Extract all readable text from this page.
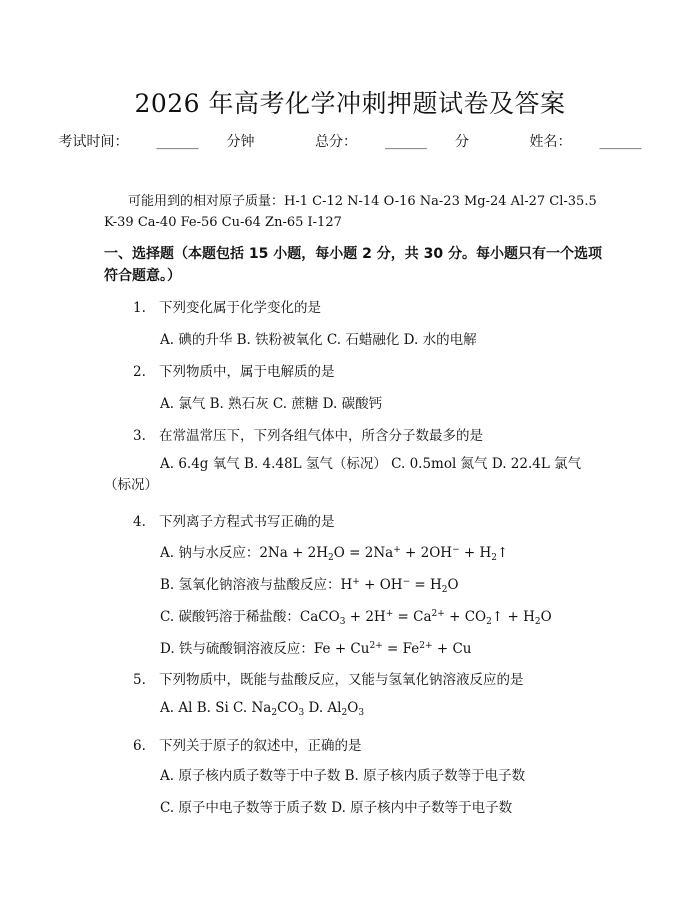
2026 年高考化学冲刺押题试卷及答案
考试时间： ______ 分钟	总分： ______ 分	姓名： ______
可能用到的相对原子质量：H-1 C-12 N-14 O-16 Na-23 Mg-24 Al-27 Cl-35.5 K-39 Ca-40 Fe-56 Cu-64 Zn-65 I-127
一、选择题（本题包括 15 小题，每小题 2 分，共 30 分。每小题只有一个选项符合题意。）
1. 下列变化属于化学变化的是
A. 碘的升华 B. 铁粉被氧化 C. 石蜡融化 D. 水的电解
2. 下列物质中，属于电解质的是
A. 氯气 B. 熟石灰 C. 蔗糖 D. 碳酸钙
3. 在常温常压下，下列各组气体中，所含分子数最多的是
A. 6.4g 氧气 B. 4.48L 氢气（标况） C. 0.5mol 氮气 D. 22.4L 氯气（标况）
4. 下列离子方程式书写正确的是
A. 钠与水反应：$2Na + 2H_2O = 2Na^+ + 2OH^-$ + $H_2↑$
B. 氢氧化钠溶液与盐酸反应：$H^+ + OH^- = H_2O$
C. 碳酸钙溶于稀盐酸：CaCO$_3$ + $2H^+ = Ca^{2+}$ + $CO_2↑ + H_2O$
D. 铁与硫酸铜溶液反应：$Fe + Cu^{2+} = Fe^{2+} + Cu$
5. 下列物质中，既能与盐酸反应，又能与氢氧化钠溶液反应的是
A. Al B. Si C. $Na_2CO_3$ D. $Al_2O_3$
6. 下列关于原子的叙述中，正确的是
A. 原子核内质子数等于中子数 B. 原子核内质子数等于电子数
C. 原子中电子数等于质子数 D. 原子核内中子数等于电子数
